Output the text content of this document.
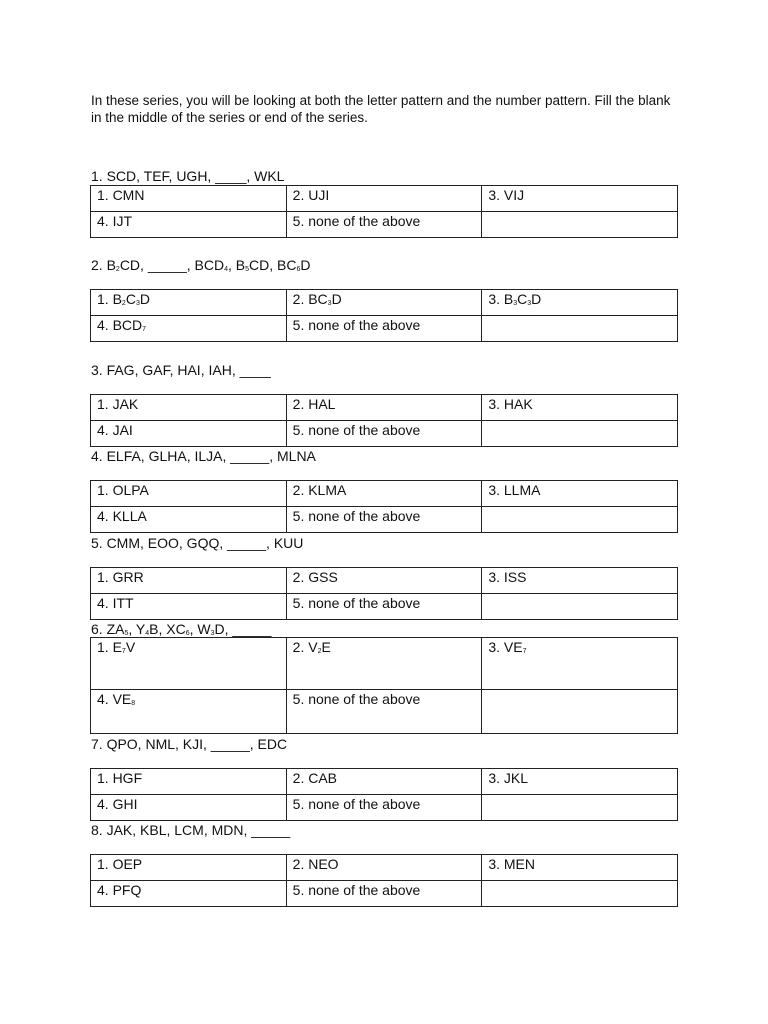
In these series, you will be looking at both the letter pattern and the number pattern. Fill the blank in the middle of the series or end of the series.
1. SCD, TEF, UGH, ____, WKL
1. CMN	2. UJI	3. VIJ
4. IJT	5. none of the above	
2. $B_2CD$, _____, $BCD_4$, $B_5CD$, $BC_6D$
1. $B_2C_3D$	2. $BC_3D$	3. $B_3C_3D$
4. $BCD_7$	5. none of the above	
3. FAG, GAF, HAI, IAH, ____
1. JAK	2. HAL	3. HAK
4. JAI	5. none of the above	
4. ELFA, GLHA, ILJA, _____, MLNA
1. OLPA	2. KLMA	3. LLMA
4. KLLA	5. none of the above	
5. CMM, EOO, GQQ, _____, KUU
1. GRR	2. GSS	3. ISS
4. ITT	5. none of the above	
6. $ZA_5$, $Y_4B$, $XC_6$, $W_3D$, _____
1. $E_7V$	2. $V_2E$	3. $VE_7$
4. $VE_8$	5. none of the above	
7. QPO, NML, KJI, _____, EDC
1. HGF	2. CAB	3. JKL
4. GHI	5. none of the above	
8. JAK, KBL, LCM, MDN, _____
1. OEP	2. NEO	3. MEN
4. PFQ	5. none of the above	
